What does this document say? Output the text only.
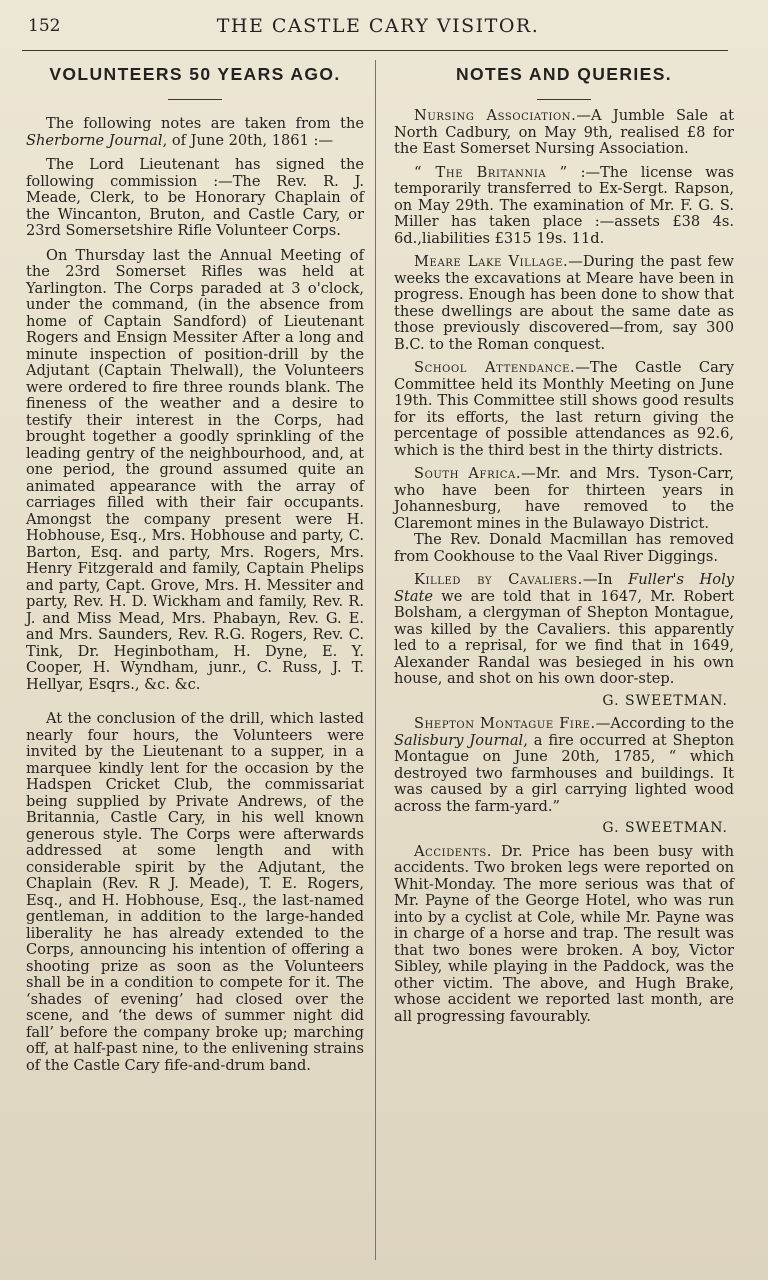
152	THE CASTLE CARY VISITOR.
VOLUNTEERS 50 YEARS AGO.

The following notes are taken from the Sherborne Journal, of June 20th, 1861 :—

The Lord Lieutenant has signed the following commission :—The Rev. R. J. Meade, Clerk, to be Honorary Chaplain of the Wincanton, Bruton, and Castle Cary, or 23rd Somersetshire Rifle Volunteer Corps.

On Thursday last the Annual Meeting of the 23rd Somerset Rifles was held at Yarlington. The Corps paraded at 3 o'clock, under the command, (in the absence from home of Captain Sandford) of Lieutenant Rogers and Ensign Messiter After a long and minute inspection of position-drill by the Adjutant (Captain Thelwall), the Volunteers were ordered to fire three rounds blank. The fineness of the weather and a desire to testify their interest in the Corps, had brought together a goodly sprinkling of the leading gentry of the neighbourhood, and, at one period, the ground assumed quite an animated appearance with the array of carriages filled with their fair occupants. Amongst the company present were H. Hobhouse, Esq., Mrs. Hobhouse and party, C. Barton, Esq. and party, Mrs. Rogers, Mrs. Henry Fitzgerald and family, Captain Phelips and party, Capt. Grove, Mrs. H. Messiter and party, Rev. H. D. Wickham and family, Rev. R. J. and Miss Mead, Mrs. Phabayn, Rev. G. E. and Mrs. Saunders, Rev. R.G. Rogers, Rev. C. Tink, Dr. Heginbotham, H. Dyne, E. Y. Cooper, H. Wyndham, junr., C. Russ, J. T. Hellyar, Esqrs., &c. &c.

At the conclusion of the drill, which lasted nearly four hours, the Volunteers were invited by the Lieutenant to a supper, in a marquee kindly lent for the occasion by the Hadspen Cricket Club, the commissariat being supplied by Private Andrews, of the Britannia, Castle Cary, in his well known generous style. The Corps were afterwards addressed at some length and with considerable spirit by the Adjutant, the Chaplain (Rev. R J. Meade), T. E. Rogers, Esq., and H. Hobhouse, Esq., the last-named gentleman, in addition to the large-handed liberality he has already extended to the Corps, announcing his intention of offering a shooting prize as soon as the Volunteers shall be in a condition to compete for it. The ‘shades of evening’ had closed over the scene, and ‘the dews of summer night did fall’ before the company broke up; marching off, at half-past nine, to the enlivening strains of the Castle Cary fife-and-drum band.

NOTES AND QUERIES.

Nursing Association.—A Jumble Sale at North Cadbury, on May 9th, realised £8 for the East Somerset Nursing Association.

“ The Britannia ” :—The license was temporarily transferred to Ex-Sergt. Rapson, on May 29th. The examination of Mr. F. G. S. Miller has taken place :—assets £38 4s. 6d.,liabilities £315 19s. 11d.

Meare Lake Village.—During the past few weeks the excavations at Meare have been in progress. Enough has been done to show that these dwellings are about the same date as those previously discovered—from, say 300 B.C. to the Roman conquest.

School Attendance.—The Castle Cary Committee held its Monthly Meeting on June 19th. This Committee still shows good results for its efforts, the last return giving the percentage of possible attendances as 92.6, which is the third best in the thirty districts.

South Africa.—Mr. and Mrs. Tyson-Carr, who have been for thirteen years in Johannesburg, have removed to the Claremont mines in the Bulawayo District.

The Rev. Donald Macmillan has removed from Cookhouse to the Vaal River Diggings.

Killed by Cavaliers.—In Fuller's Holy State we are told that in 1647, Mr. Robert Bolsham, a clergyman of Shepton Montague, was killed by the Cavaliers. this apparently led to a reprisal, for we find that in 1649, Alexander Randal was besieged in his own house, and shot on his own door-step.

G. SWEETMAN.

Shepton Montague Fire.—According to the Salisbury Journal, a fire occurred at Shepton Montague on June 20th, 1785, “ which destroyed two farmhouses and buildings. It was caused by a girl carrying lighted wood across the farm-yard.”

G. SWEETMAN.

Accidents. Dr. Price has been busy with accidents. Two broken legs were reported on Whit-Monday. The more serious was that of Mr. Payne of the George Hotel, who was run into by a cyclist at Cole, while Mr. Payne was in charge of a horse and trap. The result was that two bones were broken. A boy, Victor Sibley, while playing in the Paddock, was the other victim. The above, and Hugh Brake, whose accident we reported last month, are all progressing favourably.
